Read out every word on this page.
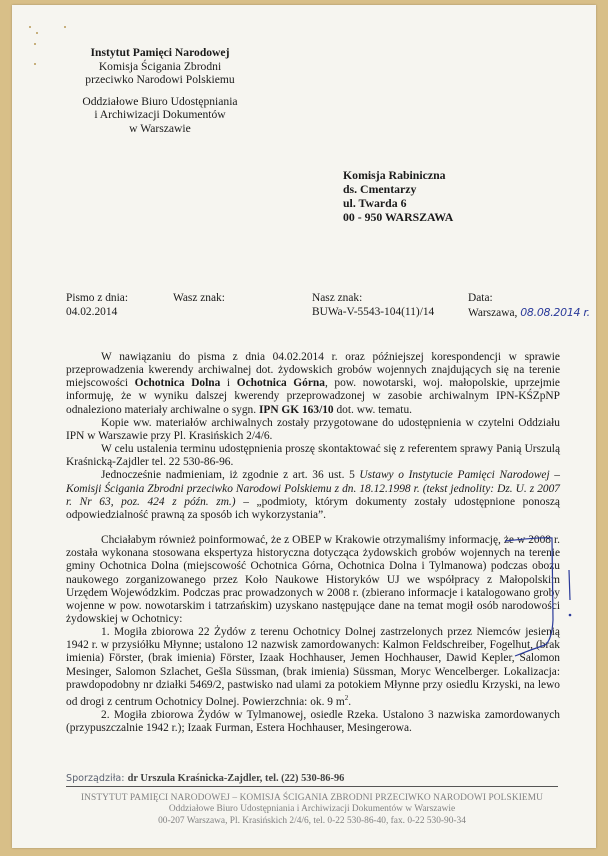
Instytut Pamięci Narodowej
Komisja Ścigania Zbrodni
przeciwko Narodowi Polskiemu
Oddziałowe Biuro Udostępniania
i Archiwizacji Dokumentów
w Warszawie
Komisja Rabiniczna
ds. Cmentarzy
ul. Twarda 6
00 - 950 WARSZAWA
Pismo z dnia:
04.02.2014
Wasz znak:	Nasz znak:
BUWa-V-5543-104(11)/14
Data:
Warszawa, 08.08.2014 r.

W nawiązaniu do pisma z dnia 04.02.2014 r. oraz późniejszej korespondencji w sprawie przeprowadzenia kwerendy archiwalnej dot. żydowskich grobów wojennych znajdujących się na terenie miejscowości Ochotnica Dolna i Ochotnica Górna, pow. nowotarski, woj. małopolskie, uprzejmie informuję, że w wyniku dalszej kwerendy przeprowadzonej w zasobie archiwalnym IPN-KŚZpNP odnaleziono materiały archiwalne o sygn. IPN GK 163/10 dot. ww. tematu.

Kopie ww. materiałów archiwalnych zostały przygotowane do udostępnienia w czytelni Oddziału IPN w Warszawie przy Pl. Krasińskich 2/4/6.

W celu ustalenia terminu udostępnienia proszę skontaktować się z referentem sprawy Panią Urszulą Kraśnicką-Zajdler tel. 22 530-86-96.

Jednocześnie nadmieniam, iż zgodnie z art. 36 ust. 5 Ustawy o Instytucie Pamięci Narodowej – Komisji Ścigania Zbrodni przeciwko Narodowi Polskiemu z dn. 18.12.1998 r. (tekst jednolity: Dz. U. z 2007 r. Nr 63, poz. 424 z późn. zm.) – „podmioty, którym dokumenty zostały udostępnione ponoszą odpowiedzialność prawną za sposób ich wykorzystania”.

Chciałabym również poinformować, że z OBEP w Krakowie otrzymaliśmy informację, że w 2008 r. została wykonana stosowana ekspertyza historyczna dotycząca żydowskich grobów wojennych na terenie gminy Ochotnica Dolna (miejscowość Ochotnica Górna, Ochotnica Dolna i Tylmanowa) podczas obozu naukowego zorganizowanego przez Koło Naukowe Historyków UJ we współpracy z Małopolskim Urzędem Wojewódzkim. Podczas prac prowadzonych w 2008 r. (zbierano informacje i katalogowano groby wojenne w pow. nowotarskim i tatrzańskim) uzyskano następujące dane na temat mogił osób narodowości żydowskiej w Ochotnicy:

1. Mogiła zbiorowa 22 Żydów z terenu Ochotnicy Dolnej zastrzelonych przez Niemców jesienią 1942 r. w przysiółku Młynne; ustalono 12 nazwisk zamordowanych: Kalmon Feldschreiber, Fogelhut, (brak imienia) Förster, (brak imienia) Förster, Izaak Hochhauser, Jemen Hochhauser, Dawid Kepler, Salomon Mesinger, Salomon Szlachet, Gešla Süssman, (brak imienia) Süssman, Moryc Wencelberger. Lokalizacja: prawdopodobny nr działki 5469/2, pastwisko nad ulami za potokiem Młynne przy osiedlu Krzyski, na lewo od drogi z centrum Ochotnicy Dolnej. Powierzchnia: ok. 9 $m^2$.

2. Mogiła zbiorowa Żydów w Tylmanowej, osiedle Rzeka. Ustalono 3 nazwiska zamordowanych (przypuszczalnie 1942 r.); Izaak Furman, Estera Hochhauser, Mesingerowa.

Sporządziła: dr Urszula Kraśnicka-Zajdler, tel. (22) 530-86-96
INSTYTUT PAMIĘCI NARODOWEJ – KOMISJA ŚCIGANIA ZBRODNI PRZECIWKO NARODOWI POLSKIEMU
Oddziałowe Biuro Udostępniania i Archiwizacji Dokumentów w Warszawie
00-207 Warszawa, Pl. Krasińskich 2/4/6, tel. 0-22 530-86-40, fax. 0-22 530-90-34
